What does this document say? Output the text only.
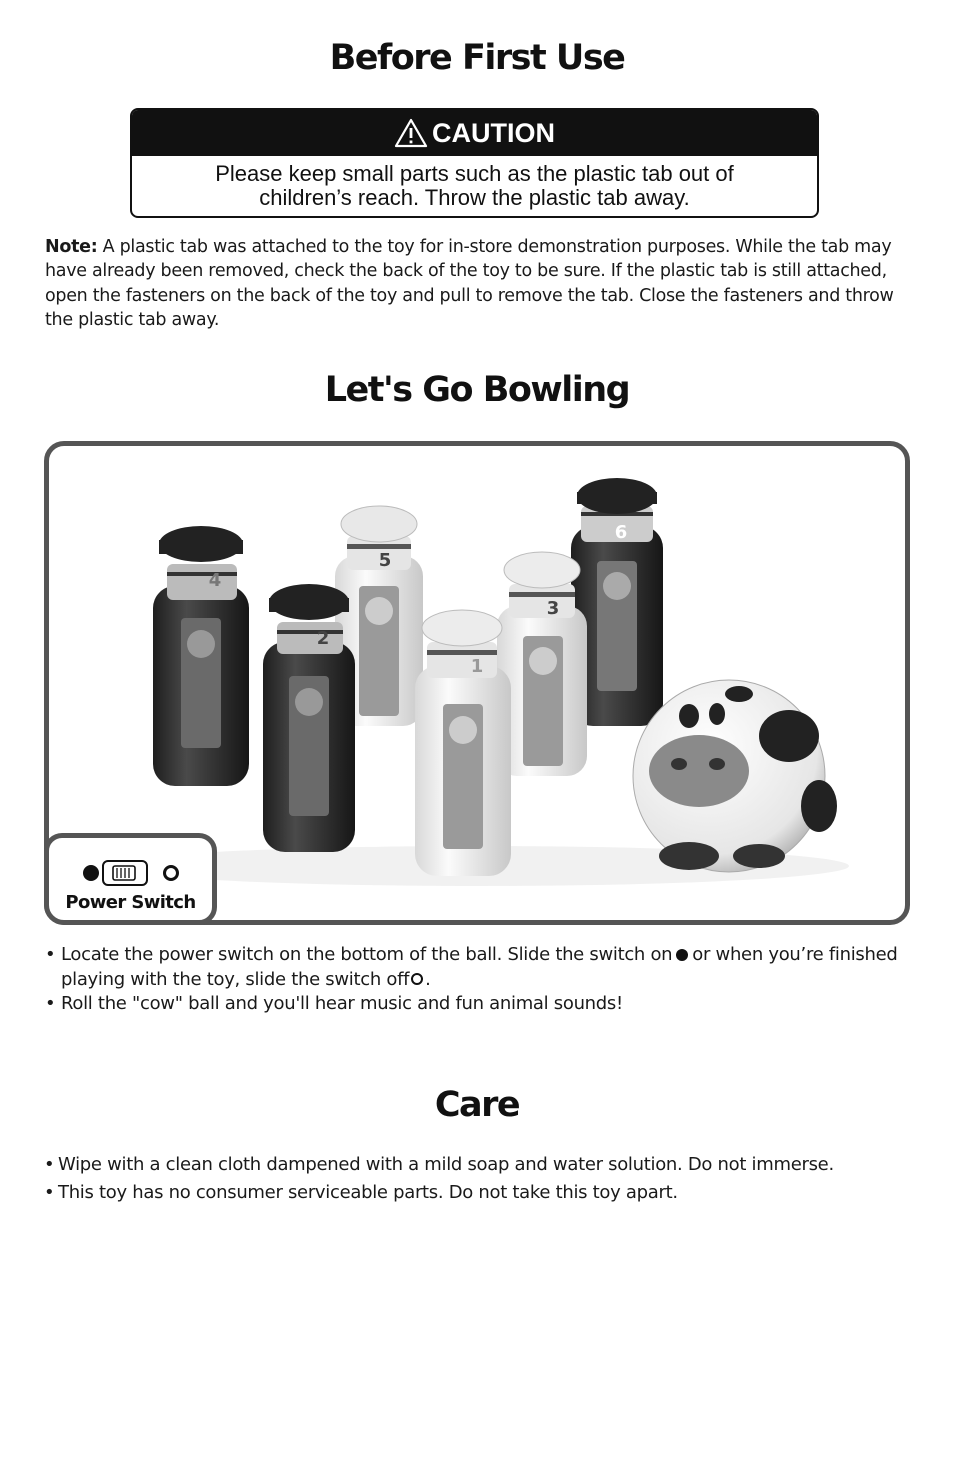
Before First Use
CAUTION
Please keep small parts such as the plastic tab out of
children’s reach. Throw the plastic tab away.

Note: A plastic tab was attached to the toy for in-store demonstration purposes. While the tab may have already been removed, check the back of the toy to be sure. If the plastic tab is still attached, open the fasteners on the back of the toy and pull to remove the tab. Close the fasteners and throw the plastic tab away.

Let's Go Bowling
6
5
4
3
2
1
Power Switch
• Locate the power switch on the bottom of the ball. Slide the switch on or when you’re finished playing with the toy, slide the switch off .
• Roll the "cow" ball and you'll hear music and fun animal sounds!
Care
• Wipe with a clean cloth dampened with a mild soap and water solution. Do not immerse.
• This toy has no consumer serviceable parts. Do not take this toy apart.
